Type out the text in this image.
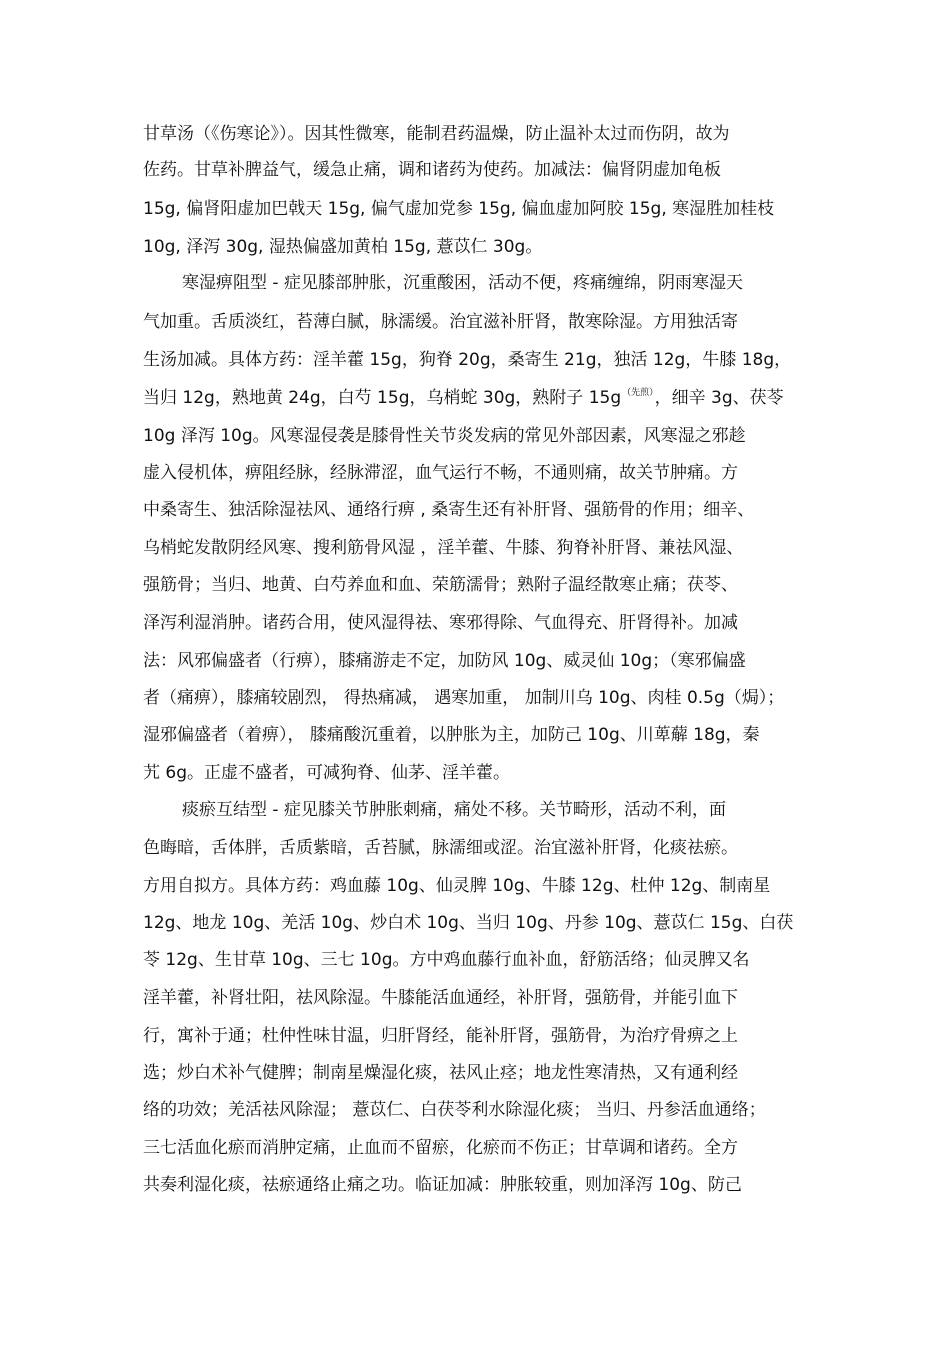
甘草汤（《伤寒论》）。因其性微寒，能制君药温燥，防止温补太过而伤阴，故为
佐药。甘草补脾益气，缓急止痛，调和诸药为使药。加减法：偏肾阴虚加龟板
15g, 偏肾阳虚加巴戟天 15g, 偏气虚加党参 15g, 偏血虚加阿胶 15g, 寒湿胜加桂枝
10g, 泽泻 30g, 湿热偏盛加黄柏 15g, 薏苡仁 30g。
寒湿痹阻型 - 症见膝部肿胀，沉重酸困，活动不便，疼痛缠绵，阴雨寒湿天
气加重。舌质淡红，苔薄白腻，脉濡缓。治宜滋补肝肾，散寒除湿。方用独活寄
生汤加减。具体方药：淫羊藿 15g，狗脊 20g，桑寄生 21g，独活 12g，牛膝 18g，
当归 12g，熟地黄 24g，白芍 15g，乌梢蛇 30g，熟附子 $15g^{(先煎)}$，细辛 3g、茯苓
10g 泽泻 10g。风寒湿侵袭是膝骨性关节炎发病的常见外部因素，风寒湿之邪趁
虚入侵机体，痹阻经脉，经脉滞涩，血气运行不畅，不通则痛，故关节肿痛。方
中桑寄生、独活除湿祛风、通络行痹 , 桑寄生还有补肝肾、强筋骨的作用；细辛、
乌梢蛇发散阴经风寒、搜利筋骨风湿 ，淫羊藿、牛膝、狗脊补肝肾、兼祛风湿、
强筋骨；当归、地黄、白芍养血和血、荣筋濡骨；熟附子温经散寒止痛；茯苓、
泽泻利湿消肿。诸药合用，使风湿得祛、寒邪得除、气血得充、肝肾得补。加减
法：风邪偏盛者（行痹），膝痛游走不定，加防风 10g、威灵仙 10g；（寒邪偏盛
者（痛痹），膝痛较剧烈， 得热痛减， 遇寒加重， 加制川乌 10g、肉桂 0.5g（焗）；
湿邪偏盛者（着痹）， 膝痛酸沉重着，以肿胀为主，加防己 10g、川萆薢 18g，秦
艽 6g。正虚不盛者，可减狗脊、仙茅、淫羊藿。
痰瘀互结型 - 症见膝关节肿胀刺痛，痛处不移。关节畸形，活动不利，面
色晦暗，舌体胖，舌质紫暗，舌苔腻，脉濡细或涩。治宜滋补肝肾，化痰祛瘀。
方用自拟方。具体方药：鸡血藤 10g、仙灵脾 10g、牛膝 12g、杜仲 12g、制南星
12g、地龙 10g、羌活 10g、炒白术 10g、当归 10g、丹参 10g、薏苡仁 15g、白茯
苓 12g、生甘草 10g、三七 10g。方中鸡血藤行血补血，舒筋活络；仙灵脾又名
淫羊藿，补肾壮阳，祛风除湿。牛膝能活血通经，补肝肾，强筋骨，并能引血下
行，寓补于通；杜仲性味甘温，归肝肾经，能补肝肾，强筋骨，为治疗骨痹之上
选；炒白术补气健脾；制南星燥湿化痰，祛风止痉；地龙性寒清热，又有通利经
络的功效；羌活祛风除湿； 薏苡仁、白茯苓利水除湿化痰； 当归、丹参活血通络；
三七活血化瘀而消肿定痛，止血而不留瘀，化瘀而不伤正；甘草调和诸药。全方
共奏利湿化痰，祛瘀通络止痛之功。临证加减：肿胀较重，则加泽泻 10g、防己
